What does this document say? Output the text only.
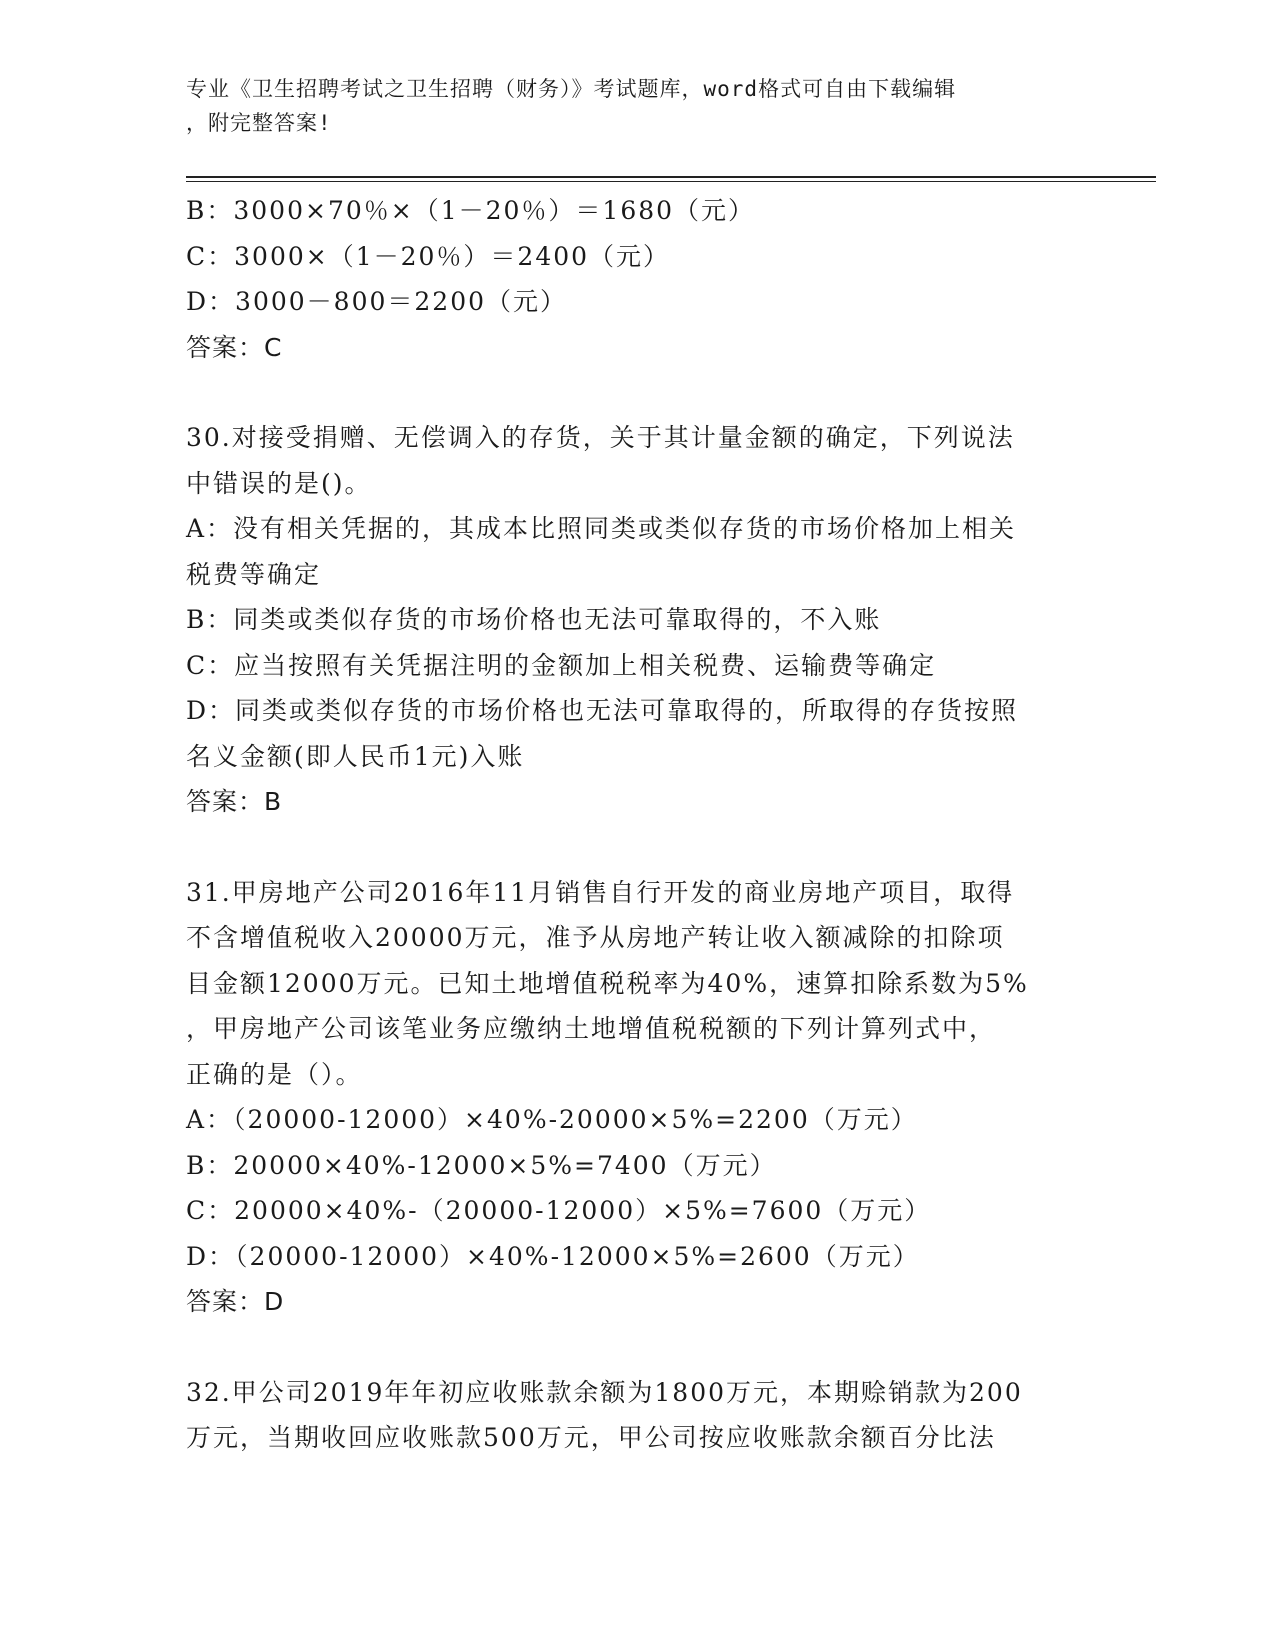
专业《卫生招聘考试之卫生招聘（财务）》考试题库，word格式可自由下载编辑
，附完整答案!
B：3000×70％×（1－20％）＝1680（元）
C：3000×（1－20％）＝2400（元）
D：3000－800＝2200（元）
答案：C
30.对接受捐赠、无偿调入的存货，关于其计量金额的确定，下列说法
中错误的是()。
A：没有相关凭据的，其成本比照同类或类似存货的市场价格加上相关
税费等确定
B：同类或类似存货的市场价格也无法可靠取得的，不入账
C：应当按照有关凭据注明的金额加上相关税费、运输费等确定
D：同类或类似存货的市场价格也无法可靠取得的，所取得的存货按照
名义金额(即人民币1元)入账
答案：B
31.甲房地产公司2016年11月销售自行开发的商业房地产项目，取得
不含增值税收入20000万元，准予从房地产转让收入额减除的扣除项
目金额12000万元。已知土地增值税税率为40%，速算扣除系数为5%
，甲房地产公司该笔业务应缴纳土地增值税税额的下列计算列式中，
正确的是（）。
A：（20000-12000）×40%-20000×5%=2200（万元）
B：20000×40%-12000×5%=7400（万元）
C：20000×40%-（20000-12000）×5%=7600（万元）
D：（20000-12000）×40%-12000×5%=2600（万元）
答案：D
32.甲公司2019年年初应收账款余额为1800万元，本期赊销款为200
万元，当期收回应收账款500万元，甲公司按应收账款余额百分比法
